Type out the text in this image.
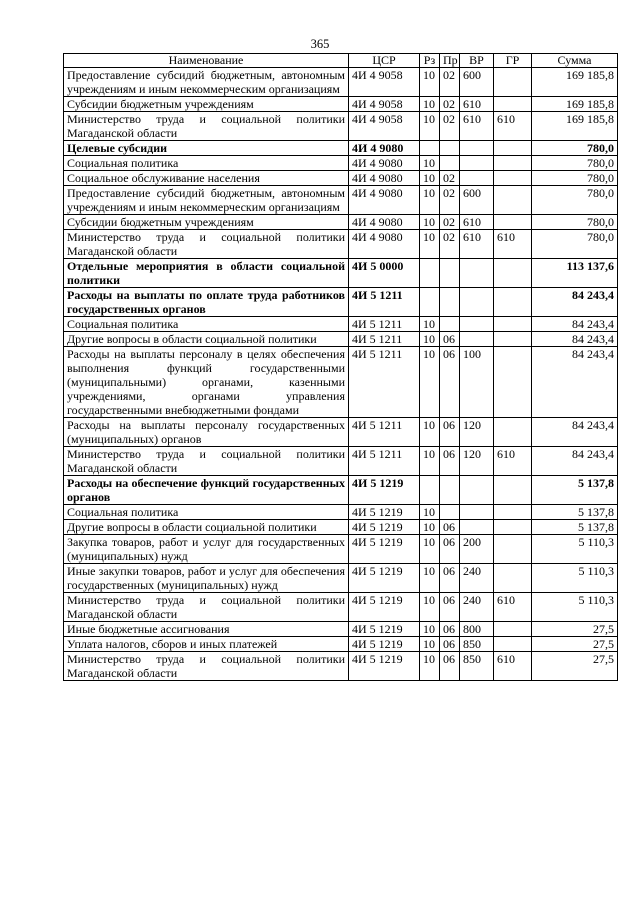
365
Наименование	ЦСР	Рз	Пр	ВР	ГР	Сумма
Предоставление субсидий бюджетным, автономным учреждениям и иным некоммерческим организациям	4И 4 9058	10	02	600		169 185,8
Субсидии бюджетным учреждениям	4И 4 9058	10	02	610		169 185,8
Министерство труда и социальной политики Магаданской области	4И 4 9058	10	02	610	610	169 185,8
Целевые субсидии	4И 4 9080					780,0
Социальная политика	4И 4 9080	10				780,0
Социальное обслуживание населения	4И 4 9080	10	02			780,0
Предоставление субсидий бюджетным, автономным учреждениям и иным некоммерческим организациям	4И 4 9080	10	02	600		780,0
Субсидии бюджетным учреждениям	4И 4 9080	10	02	610		780,0
Министерство труда и социальной политики Магаданской области	4И 4 9080	10	02	610	610	780,0
Отдельные мероприятия в области социальной политики	4И 5 0000					113 137,6
Расходы на выплаты по оплате труда работников государственных органов	4И 5 1211					84 243,4
Социальная политика	4И 5 1211	10				84 243,4
Другие вопросы в области социальной политики	4И 5 1211	10	06			84 243,4
Расходы на выплаты персоналу в целях обеспечения выполнения функций государственными (муниципальными) органами, казенными учреждениями, органами управления государственными внебюджетными фондами	4И 5 1211	10	06	100		84 243,4
Расходы на выплаты персоналу государственных (муниципальных) органов	4И 5 1211	10	06	120		84 243,4
Министерство труда и социальной политики Магаданской области	4И 5 1211	10	06	120	610	84 243,4
Расходы на обеспечение функций государственных органов	4И 5 1219					5 137,8
Социальная политика	4И 5 1219	10				5 137,8
Другие вопросы в области социальной политики	4И 5 1219	10	06			5 137,8
Закупка товаров, работ и услуг для государственных (муниципальных) нужд	4И 5 1219	10	06	200		5 110,3
Иные закупки товаров, работ и услуг для обеспечения государственных (муниципальных) нужд	4И 5 1219	10	06	240		5 110,3
Министерство труда и социальной политики Магаданской области	4И 5 1219	10	06	240	610	5 110,3
Иные бюджетные ассигнования	4И 5 1219	10	06	800		27,5
Уплата налогов, сборов и иных платежей	4И 5 1219	10	06	850		27,5
Министерство труда и социальной политики Магаданской области	4И 5 1219	10	06	850	610	27,5
